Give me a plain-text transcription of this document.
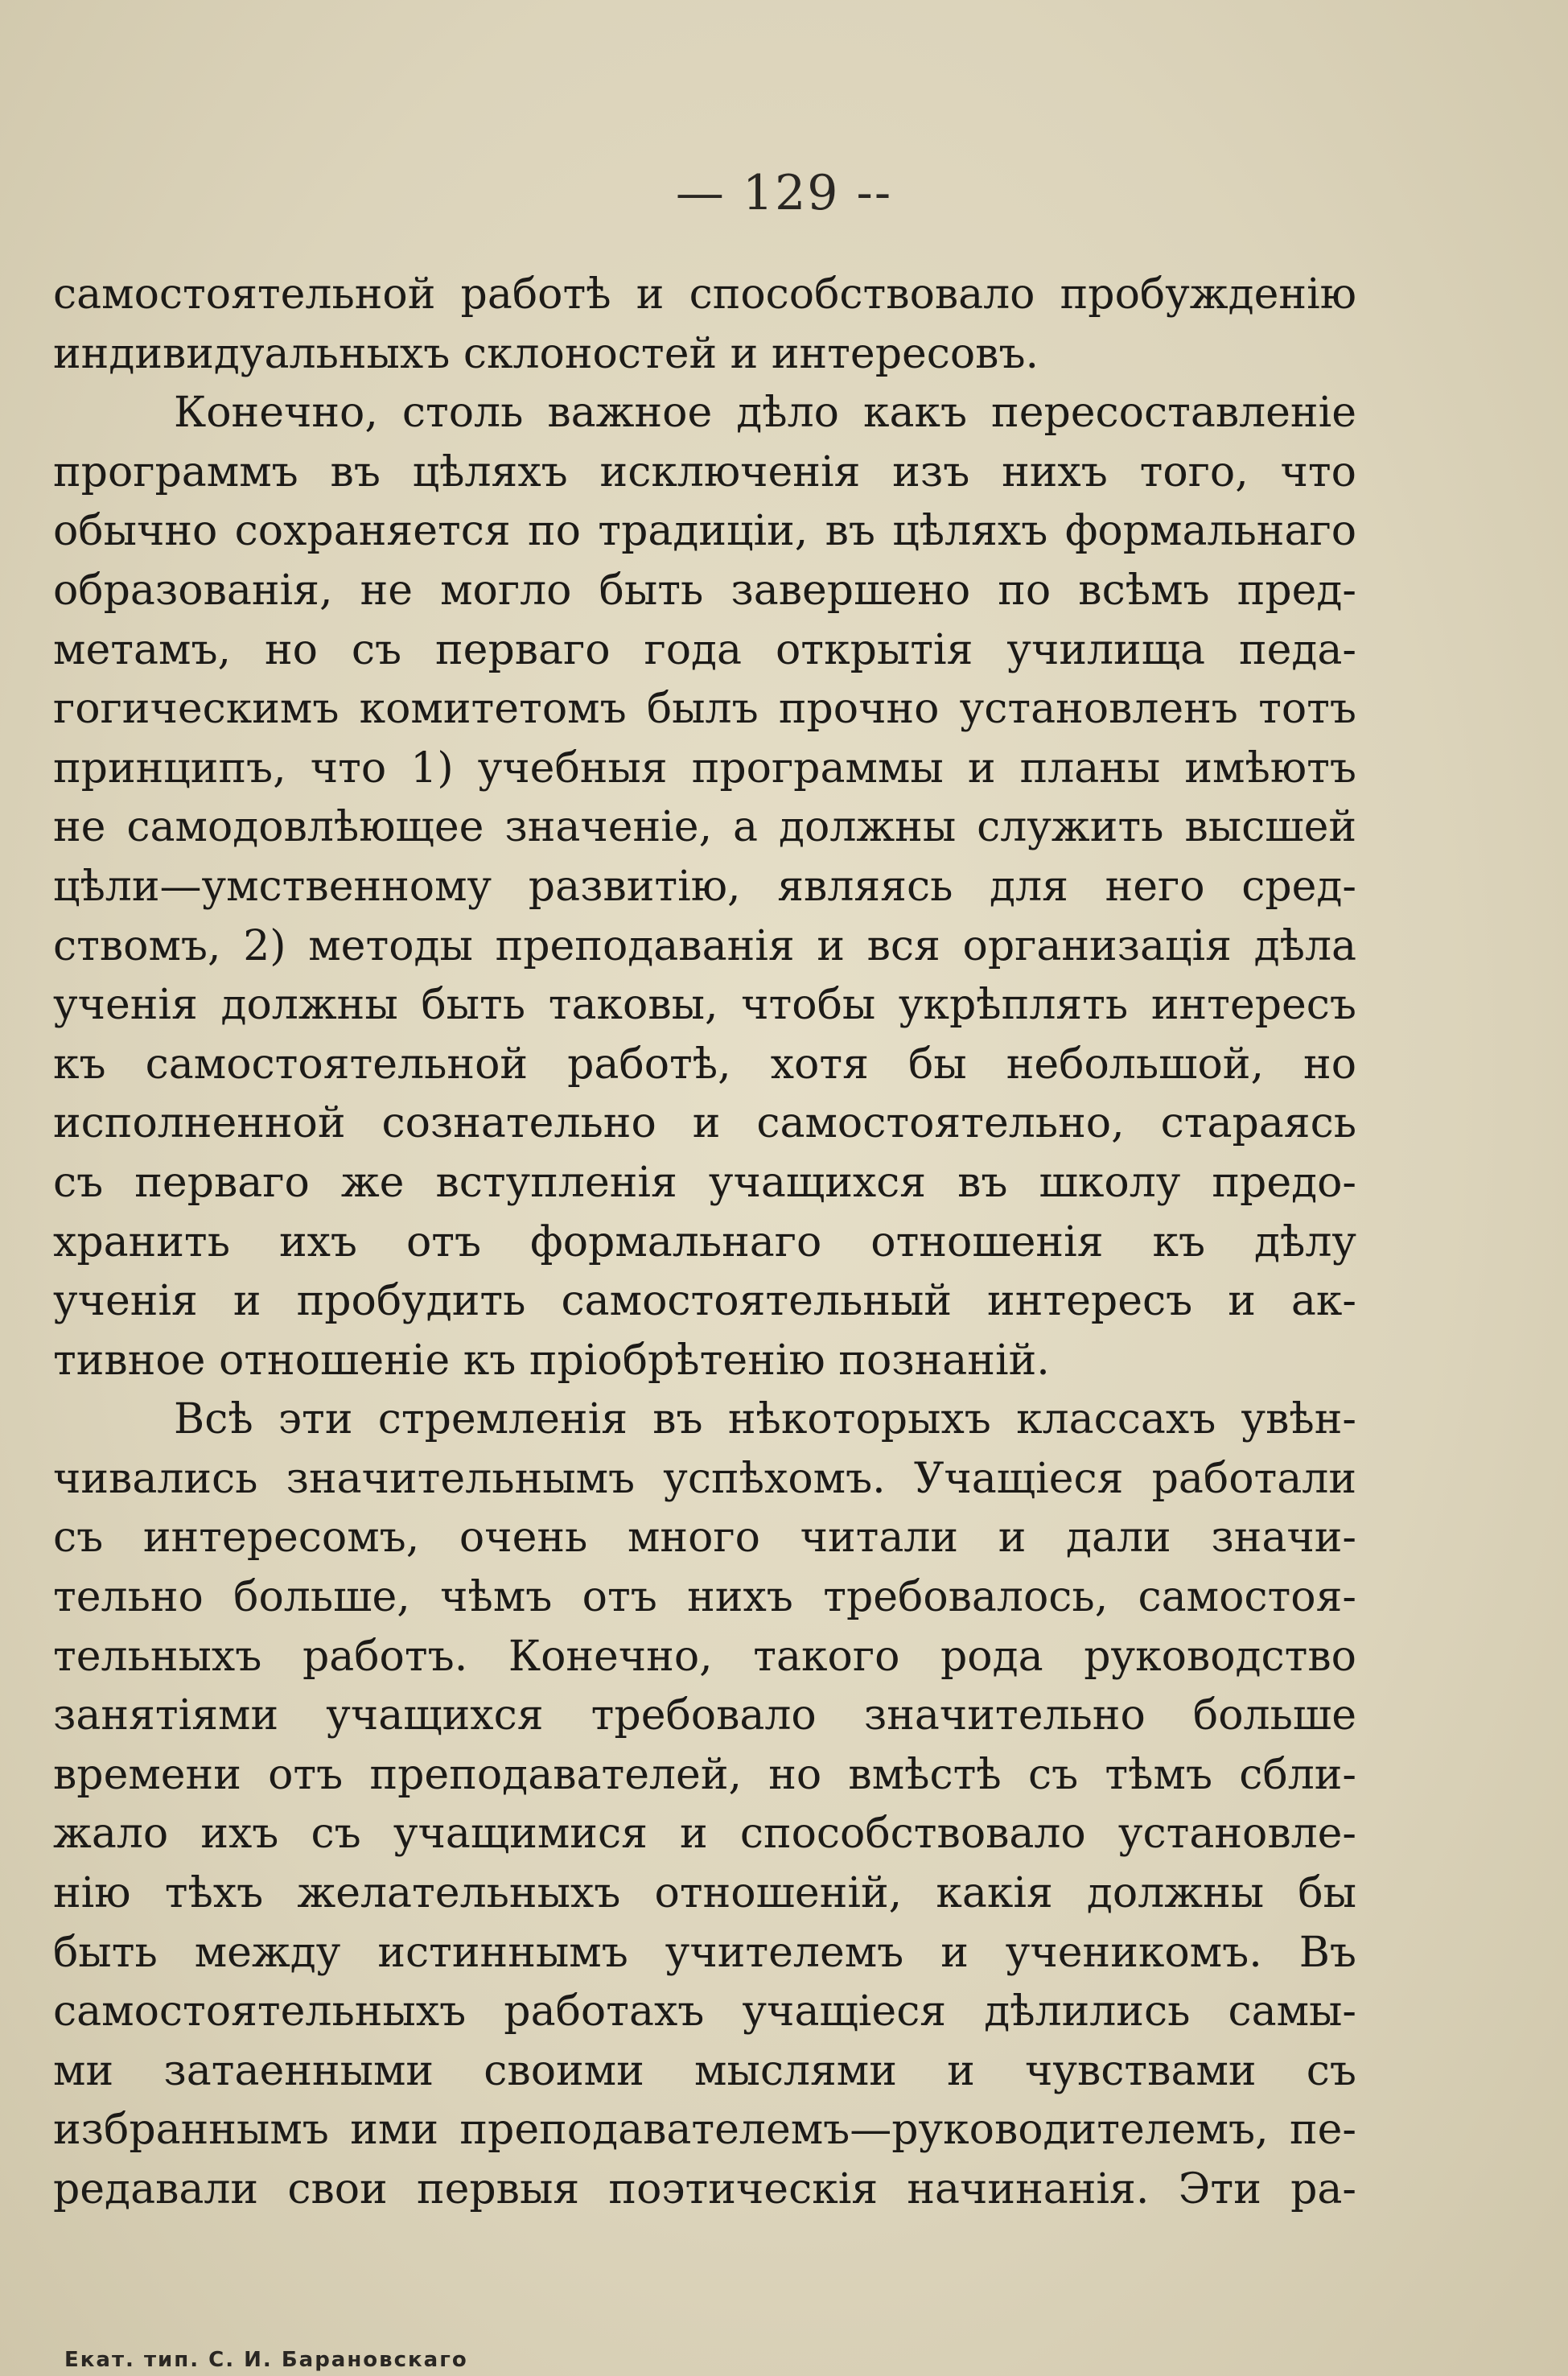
— 129 --
самостоятельной работѣ и способствовало пробужденію
индивидуальныхъ склоностей и интересовъ.
Конечно, столь важное дѣло какъ пересоставленіе
программъ въ цѣляхъ исключенія изъ нихъ того, что
обычно сохраняется по традиціи, въ цѣляхъ формальнаго
образованія, не могло быть завершено по всѣмъ пред-
метамъ, но съ перваго года открытія училища педа-
гогическимъ комитетомъ былъ прочно установленъ тотъ
принципъ, что 1) учебныя программы и планы имѣютъ
не самодовлѣющее значеніе, а должны служить высшей
цѣли—умственному развитію, являясь для него сред-
ствомъ, 2) методы преподаванія и вся организація дѣла
ученія должны быть таковы, чтобы укрѣплять интересъ
къ самостоятельной работѣ, хотя бы небольшой, но
исполненной сознательно и самостоятельно, стараясь
съ перваго же вступленія учащихся въ школу предо-
хранить ихъ отъ формальнаго отношенія къ дѣлу
ученія и пробудить самостоятельный интересъ и ак-
тивное отношеніе къ пріобрѣтенію познаній.
Всѣ эти стремленія въ нѣкоторыхъ классахъ увѣн-
чивались значительнымъ успѣхомъ. Учащіеся работали
съ интересомъ, очень много читали и дали значи-
тельно больше, чѣмъ отъ нихъ требовалось, самостоя-
тельныхъ работъ. Конечно, такого рода руководство
занятіями учащихся требовало значительно больше
времени отъ преподавателей, но вмѣстѣ съ тѣмъ сбли-
жало ихъ съ учащимися и способствовало установле-
нію тѣхъ желательныхъ отношеній, какія должны бы
быть между истиннымъ учителемъ и ученикомъ. Въ
самостоятельныхъ работахъ учащіеся дѣлились самы-
ми затаенными своими мыслями и чувствами съ
избраннымъ ими преподавателемъ—руководителемъ, пе-
редавали свои первыя поэтическія начинанія. Эти ра-
Екат. тип. С. И. Барановскаго
